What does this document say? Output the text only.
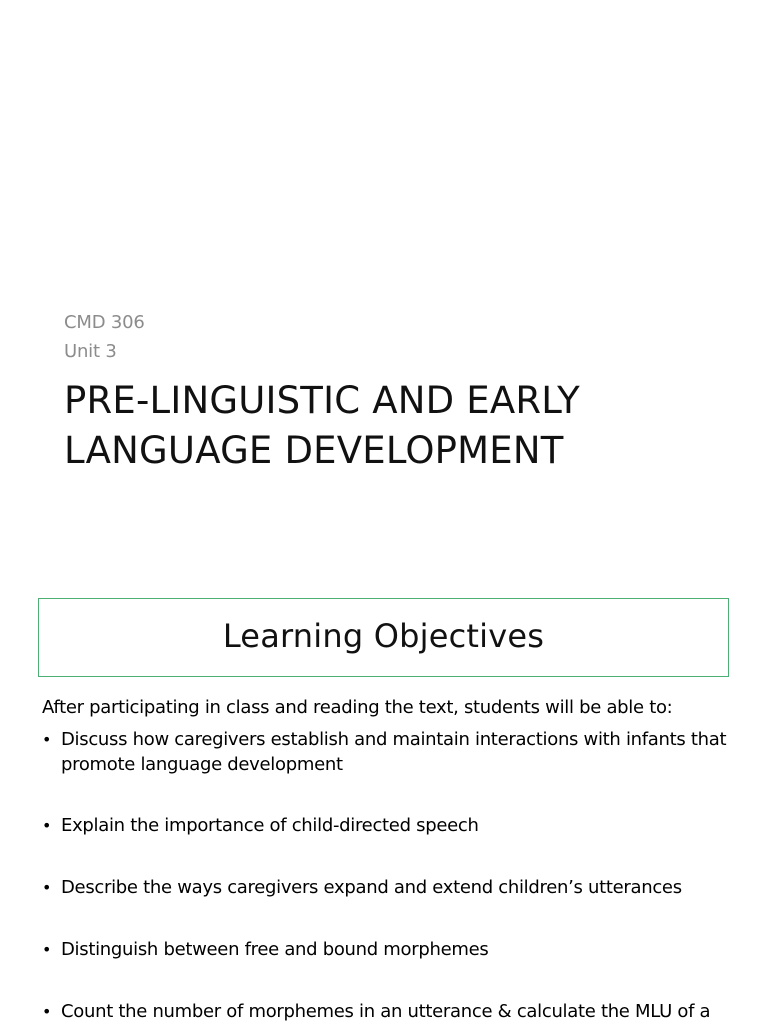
CMD 306
Unit 3
PRE-LINGUISTIC AND EARLY
LANGUAGE DEVELOPMENT
Learning Objectives
After participating in class and reading the text, students will be able to:
• Discuss how caregivers establish and maintain interactions with infants that promote language development
• Explain the importance of child-directed speech
• Describe the ways caregivers expand and extend children’s utterances
• Distinguish between free and bound morphemes
• Count the number of morphemes in an utterance & calculate the MLU of a
